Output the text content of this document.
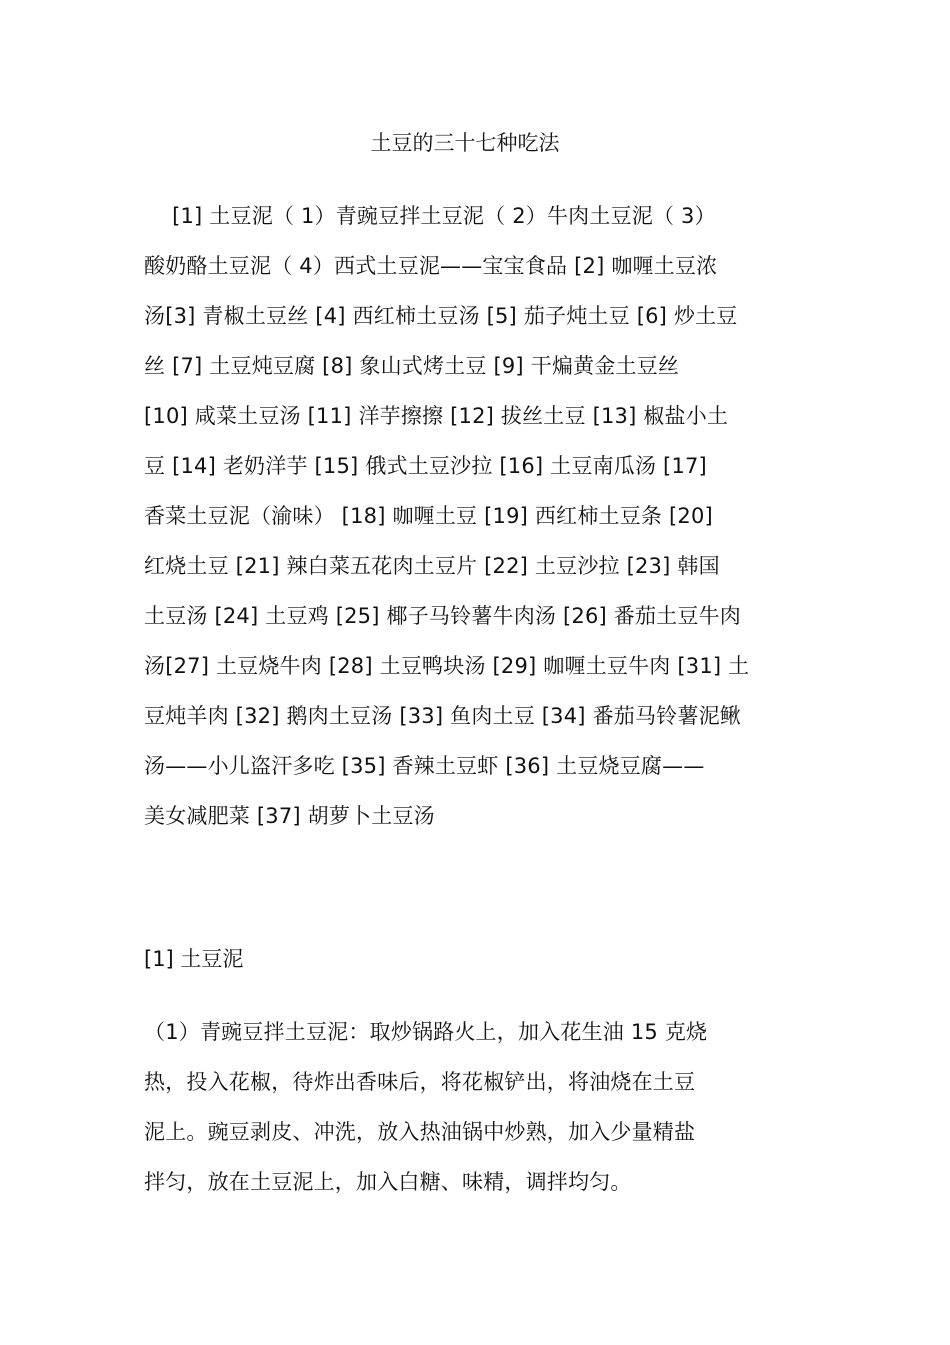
土豆的三十七种吃法
　 [1] 土豆泥（ 1）青豌豆拌土豆泥（ 2）牛肉土豆泥（ 3）
酸奶酪土豆泥（ 4）西式土豆泥——宝宝食品 [2] 咖喱土豆浓
汤[3] 青椒土豆丝 [4] 西红柿土豆汤 [5] 茄子炖土豆 [6] 炒土豆
丝 [7] 土豆炖豆腐 [8] 象山式烤土豆 [9] 干煸黄金土豆丝
[10] 咸菜土豆汤 [11] 洋芋擦擦 [12] 拔丝土豆 [13] 椒盐小土
豆 [14] 老奶洋芋 [15] 俄式土豆沙拉 [16] 土豆南瓜汤 [17]
香菜土豆泥（渝味） [18] 咖喱土豆 [19] 西红柿土豆条 [20]
红烧土豆 [21] 辣白菜五花肉土豆片 [22] 土豆沙拉 [23] 韩国
土豆汤 [24] 土豆鸡 [25] 椰子马铃薯牛肉汤 [26] 番茄土豆牛肉
汤[27] 土豆烧牛肉 [28] 土豆鸭块汤 [29] 咖喱土豆牛肉 [31] 土
豆炖羊肉 [32] 鹅肉土豆汤 [33] 鱼肉土豆 [34] 番茄马铃薯泥鳅
汤——小儿盗汗多吃 [35] 香辣土豆虾 [36] 土豆烧豆腐——
美女减肥菜 [37] 胡萝卜土豆汤
[1] 土豆泥
（1）青豌豆拌土豆泥：取炒锅路火上，加入花生油 15 克烧
热，投入花椒，待炸出香味后，将花椒铲出，将油烧在土豆
泥上。豌豆剥皮、冲洗，放入热油锅中炒熟，加入少量精盐
拌匀，放在土豆泥上，加入白糖、味精，调拌均匀。
